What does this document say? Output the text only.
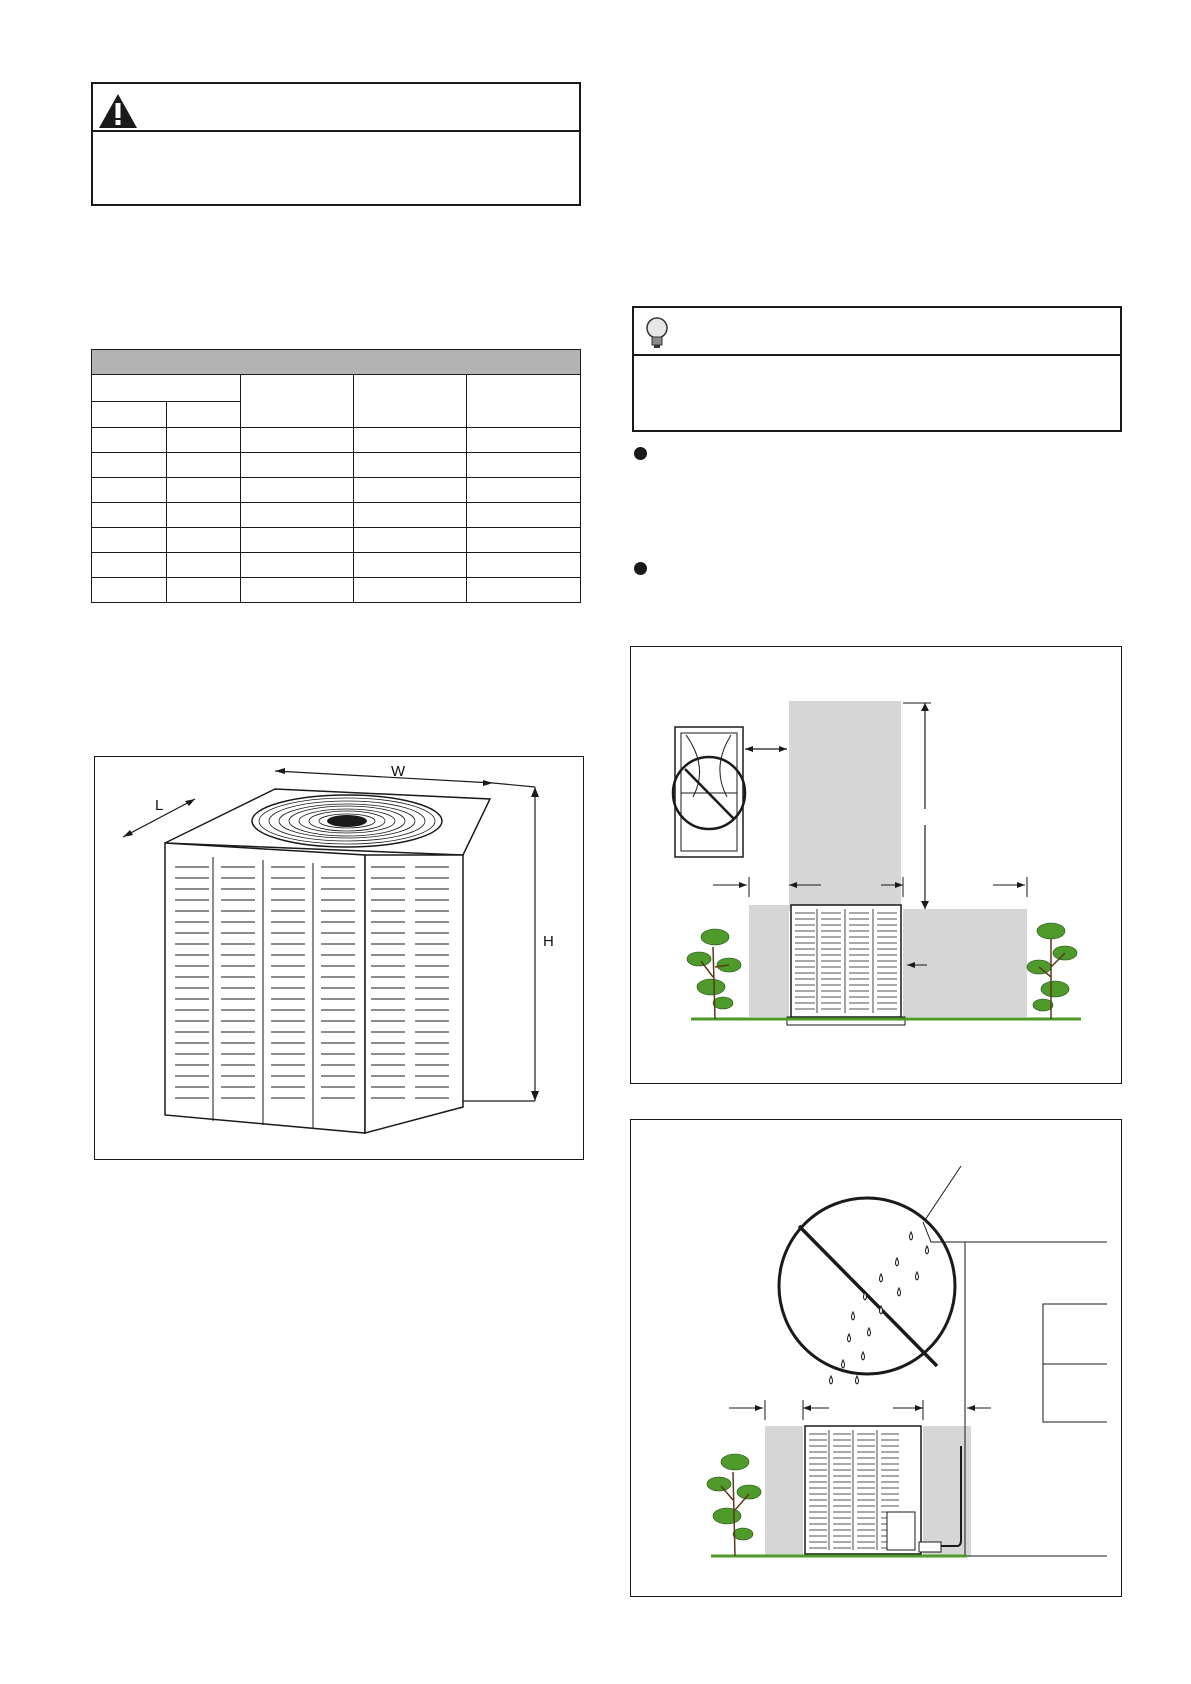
W
L
H
